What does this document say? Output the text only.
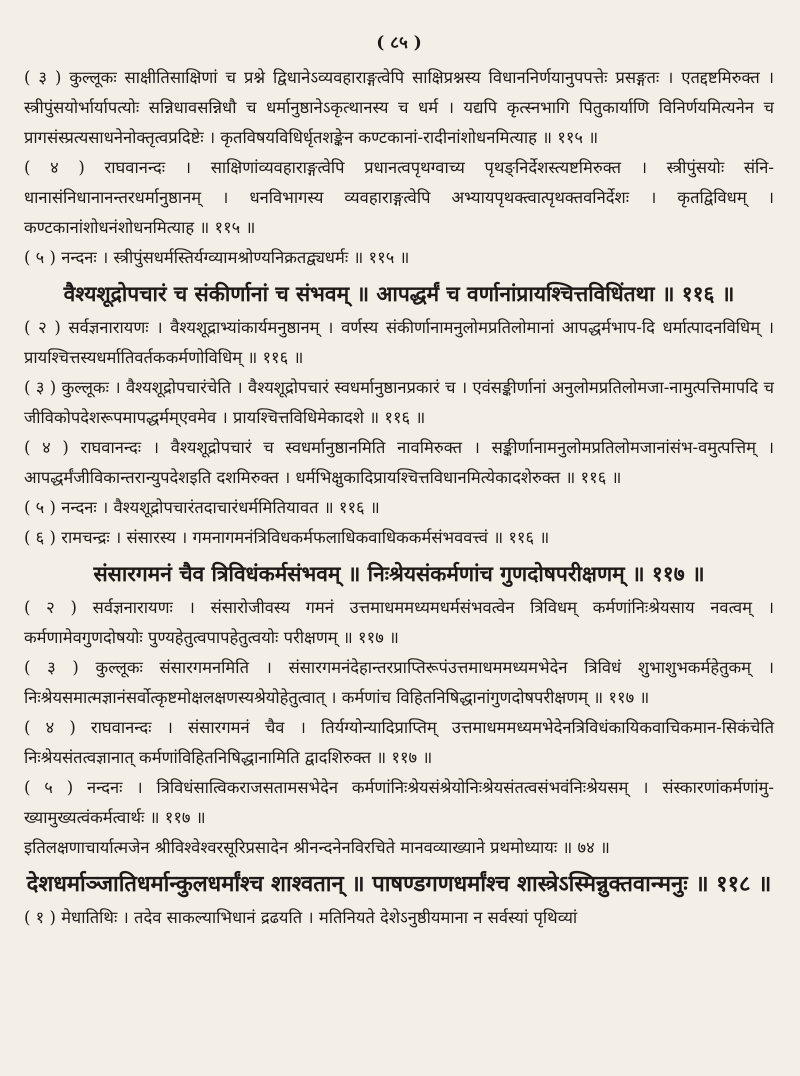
( ८५ )
( ३ ) कुल्लूकः साक्षीतिसाक्षिणां च प्रश्ने द्विधानेऽव्यवहाराङ्गत्वेपि साक्षिप्रश्नस्य विधाननिर्णयानुपपत्तेः प्रसङ्गतः । एतद्दष्टमिरुक्त । स्त्रीपुंसयोर्भार्यापत्योः सन्निधावसन्निधौ च धर्मानुष्ठानेऽकृत्थानस्य च धर्म । यद्यपि कृत्स्नभागि पितुकार्याणि विनिर्णयमित्यनेन च प्रागसंस्प्रत्यसाधनेनोक्तृत्वप्रदिष्टेः । कृतविषयविधिर्धृतशङ्केन कण्टकानां-रादीनांशोधनमित्याह ॥ ११५ ॥
( ४ ) राघवानन्दः । साक्षिणांव्यवहाराङ्गत्वेपि प्रधानत्वपृथग्वाच्य पृथङ्‌निर्देशस्त्यष्टमिरुक्त । स्त्रीपुंसयोः संनि-धानासंनिधानानन्तरधर्मानुष्ठानम् । धनविभागस्य व्यवहाराङ्गत्वेपि अभ्यायपृथक्त्वात्पृथक्तवनिर्देशः । कृतद्विविधम् । कण्टकानांशोधनंशोधनमित्याह ॥ ११५ ॥
( ५ ) नन्दनः । स्त्रीपुंसधर्मस्तिर्यग्व्यामश्रोण्यनिक्रतद्व्यधर्मः ॥ ११५ ॥
वैश्यशूद्रोपचारं च संकीर्णानां च संभवम् ॥ आपद्धर्मं च वर्णानांप्रायश्चित्तविधिंतथा ॥ ११६ ॥
( २ ) सर्वज्ञनारायणः । वैश्यशूद्राभ्यांकार्यमनुष्ठानम् । वर्णस्य संकीर्णानामनुलोमप्रतिलोमानां आपद्धर्मभाप-दि धर्मात्पादनविधिम् । प्रायश्चित्तस्यधर्मातिवर्तककर्मणोविधिम् ॥ ११६ ॥
( ३ ) कुल्लूकः । वैश्यशूद्रोपचारंचेति । वैश्यशूद्रोपचारं स्वधर्मानुष्ठानप्रकारं च । एवंसङ्कीर्णानां अनुलोमप्रतिलोमजा-नामुत्पत्तिमापदि च जीविकोपदेशरूपमापद्धर्मम्एवमेव । प्रायश्चित्तविधिमेकादशे ॥ ११६ ॥
( ४ ) राघवानन्दः । वैश्यशूद्रोपचारं च स्वधर्मानुष्ठानमिति नावमिरुक्त । सङ्कीर्णानामनुलोमप्रतिलोमजानांसंभ-वमुत्पत्तिम् । आपद्धर्मंजीविकान्तरान्युपदेशइति दशमिरुक्त । धर्मभिक्षुकादिप्रायश्चित्तविधानमित्येकादशेरुक्त ॥ ११६ ॥
( ५ ) नन्दनः । वैश्यशूद्रोपचारंतदाचारंधर्ममितियावत ॥ ११६ ॥
( ६ ) रामचन्द्रः । संसारस्य । गमनागमनंत्रिविधकर्मफलाधिकवाधिककर्मसंभववत्त्वं ॥ ११६ ॥
संसारगमनं चैव त्रिविधंकर्मसंभवम् ॥ निःश्रेयसंकर्मणांच गुणदोषपरीक्षणम् ॥ ११७ ॥
( २ ) सर्वज्ञनारायणः । संसारोजीवस्य गमनं उत्तमाधममध्यमधर्मसंभवत्वेन त्रिविधम् कर्मणांनिःश्रेयसाय नवत्वम् । कर्मणामेवगुणदोषयोः पुण्यहेतुत्वपापहेतुत्वयोः परीक्षणम् ॥ ११७ ॥
( ३ ) कुल्लूकः संसारगमनमिति । संसारगमनंदेहान्तरप्राप्तिरूपंउत्तमाधममध्यमभेदेन त्रिविधं शुभाशुभकर्महेतुकम् । निःश्रेयसमात्मज्ञानंसर्वोत्कृष्टमोक्षलक्षणस्यश्रेयोहेतुत्वात् । कर्मणांच विहितनिषिद्धानांगुणदोषपरीक्षणम् ॥ ११७ ॥
( ४ ) राघवानन्दः । संसारगमनं चैव । तिर्यग्योन्यादिप्राप्तिम् उत्तमाधममध्यमभेदेनत्रिविधंकायिकवाचिकमान-सिकंचेति निःश्रेयसंतत्वज्ञानात् कर्मणांविहितनिषिद्धानामिति द्वादशिरुक्त ॥ ११७ ॥
( ५ ) नन्दनः । त्रिविधंसात्विकराजसतामसभेदेन कर्मणांनिःश्रेयसंश्रेयोनिःश्रेयसंतत्वसंभवंनिःश्रेयसम् । संस्कारणांकर्मणांमु-ख्यामुख्यत्वंकर्मत्वार्थः ॥ ११७ ॥
इतिलक्षणाचार्यात्मजेन श्रीविश्वेश्वरसूरिप्रसादेन श्रीनन्दनेनविरचिते मानवव्याख्याने प्रथमोध्यायः ॥ ७४ ॥
देशधर्माञ्जातिधर्मान्कुलधर्मांश्च शाश्वतान् ॥ पाषण्डगणधर्मांश्च शास्त्रेऽस्मिन्नुक्तवान्मनुः ॥ ११८ ॥
( १ ) मेधातिथिः । तदेव साकल्याभिधानं द्रढयति । मतिनियते देशेऽनुष्ठीयमाना न सर्वस्यां पृथिव्यां
